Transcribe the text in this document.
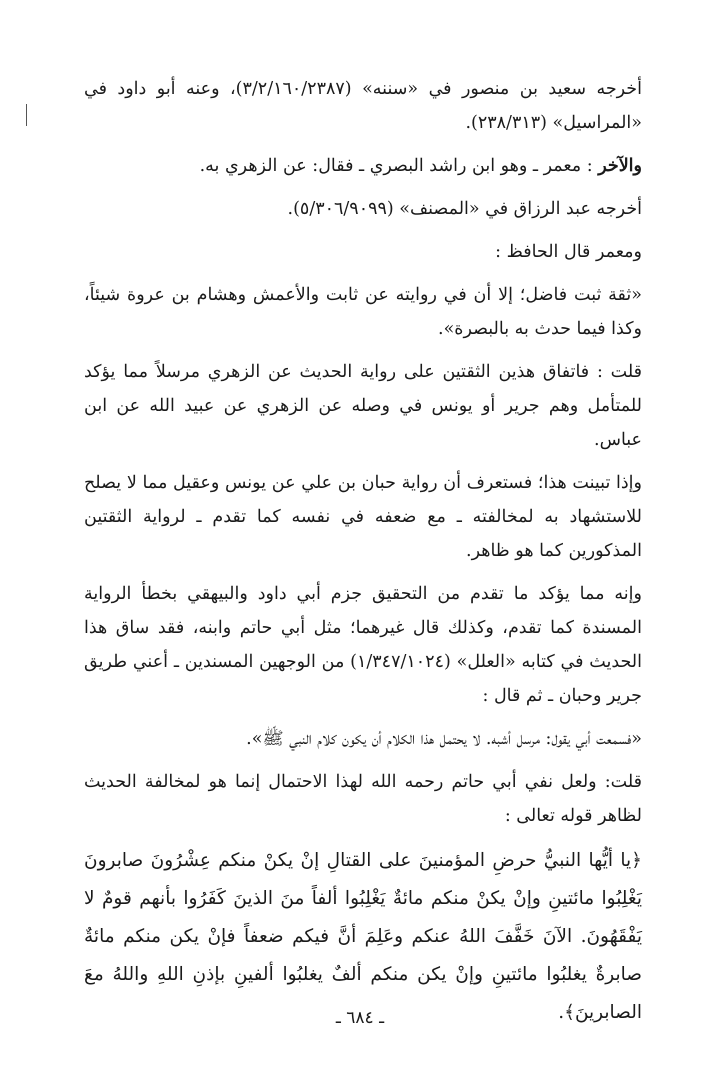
أخرجه سعيد بن منصور في «سننه» (٣/٢/١٦٠/٢٣٨٧)، وعنه أبو داود في «المراسيل» (٢٣٨/٣١٣).

والآخر : معمر ـ وهو ابن راشد البصري ـ فقال: عن الزهري به.

أخرجه عبد الرزاق في «المصنف» (٥/٣٠٦/٩٠٩٩).

ومعمر قال الحافظ :

«ثقة ثبت فاضل؛ إلا أن في روايته عن ثابت والأعمش وهشام بن عروة شيئاً، وكذا فيما حدث به بالبصرة».

قلت : فاتفاق هذين الثقتين على رواية الحديث عن الزهري مرسلاً مما يؤكد للمتأمل وهم جرير أو يونس في وصله عن الزهري عن عبيد الله عن ابن عباس.

وإذا تبينت هذا؛ فستعرف أن رواية حبان بن علي عن يونس وعقيل مما لا يصلح للاستشهاد به لمخالفته ـ مع ضعفه في نفسه كما تقدم ـ لرواية الثقتين المذكورين كما هو ظاهر.

وإنه مما يؤكد ما تقدم من التحقيق جزم أبي داود والبيهقي بخطأ الرواية المسندة كما تقدم، وكذلك قال غيرهما؛ مثل أبي حاتم وابنه، فقد ساق هذا الحديث في كتابه «العلل» (١/٣٤٧/١٠٢٤) من الوجهين المسندين ـ أعني طريق جرير وحبان ـ ثم قال :

«فسمعت أبي يقول: مرسل أشبه. لا يحتمل هذا الكلام أن يكون كلام النبي ﷺ».

قلت: ولعل نفي أبي حاتم رحمه الله لهذا الاحتمال إنما هو لمخالفة الحديث لظاهر قوله تعالى :

﴿يا أيُّها النبيُّ حرضِ المؤمنينَ على القتالِ إنْ يكنْ منكم عِشْرُونَ صابرونَ يَغْلِبُوا مائتينِ وإنْ يكنْ منكم مائةٌ يَغْلِبُوا ألفاً منَ الذينَ كَفَرُوا بأنهم قومٌ لا يَفْقَهُونَ. الآنَ خَفَّفَ اللهُ عنكم وعَلِمَ أنَّ فيكم ضعفاً فإنْ يكن منكم مائةٌ صابرةٌ يغلبُوا مائتينِ وإنْ يكن منكم ألفٌ يغلبُوا ألفينِ بإذنِ اللهِ واللهُ معَ الصابرينَ﴾.

ـ ٦٨٤ ـ
